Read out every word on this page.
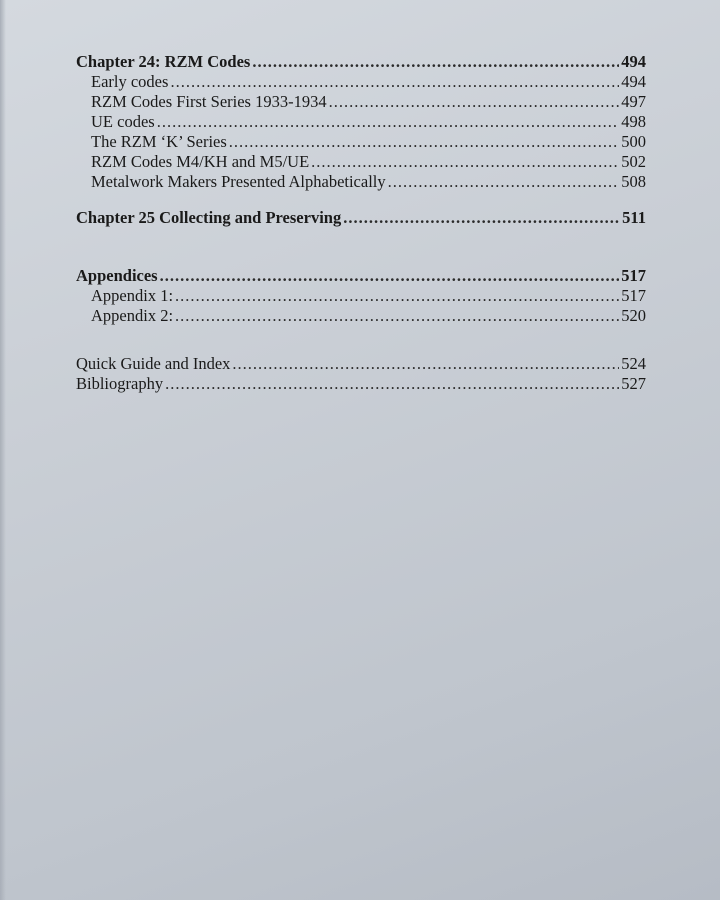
Chapter 24: RZM Codes .....	494
Early codes .....	494
RZM Codes First Series 1933-1934 .....	497
UE codes .....	498
The RZM ‘K’ Series .....	500
RZM Codes M4/KH and M5/UE .....	502
Metalwork Makers Presented Alphabetically .....	508
Chapter 25 Collecting and Preserving .....	511
Appendices .....	517
Appendix 1: .....	517
Appendix 2: .....	520
Quick Guide and Index .....	524
Bibliography .....	527
